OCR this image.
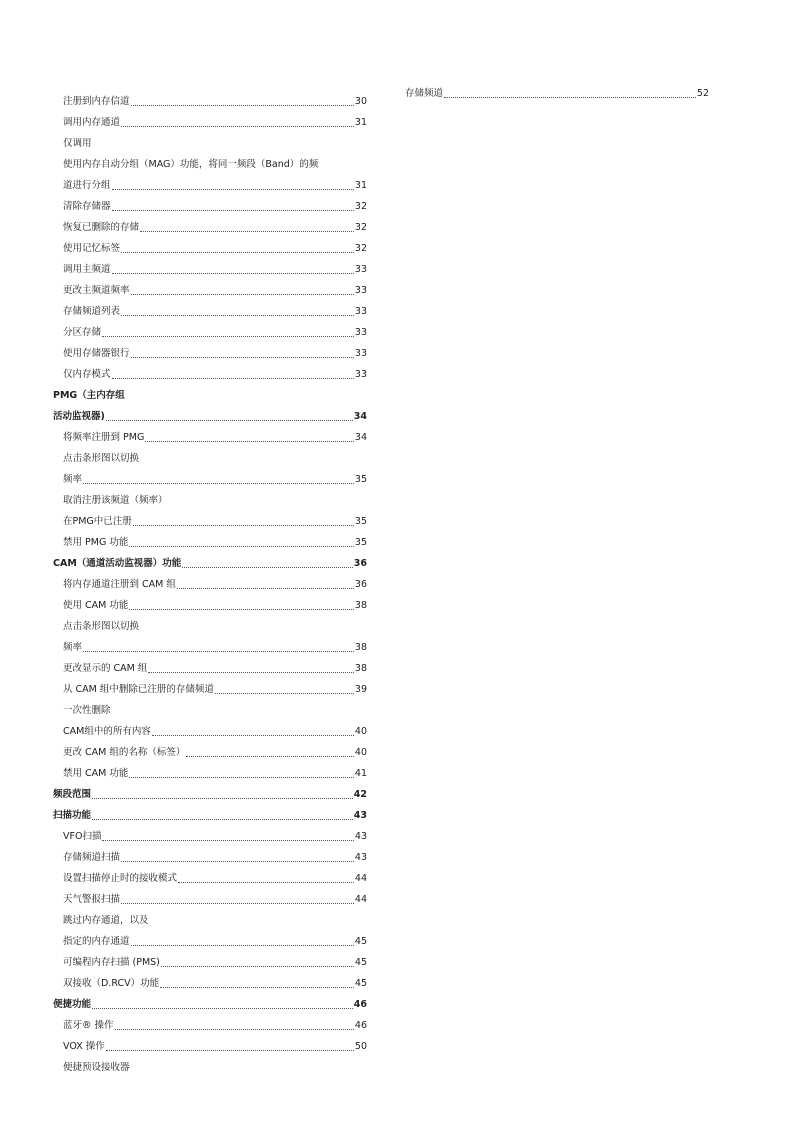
注册到内存信道	30
调用内存通道	31
仅调用
使用内存自动分组（MAG）功能，将同一频段（Band）的频
道进行分组	31
清除存储器	32
恢复已删除的存储	32
使用记忆标签	32
调用主频道	33
更改主频道频率	33
存储频道列表	33
分区存储	33
使用存储器银行	33
仅内存模式	33
PMG（主内存组
活动监视器)	34
将频率注册到 PMG	34
点击条形图以切换
频率	35
取消注册该频道（频率）
在PMG中已注册	35
禁用 PMG 功能	35
CAM（通道活动监视器）功能	36
将内存通道注册到 CAM 组	36
使用 CAM 功能	38
点击条形图以切换
频率	38
更改显示的 CAM 组	38
从 CAM 组中删除已注册的存储频道	39
一次性删除
CAM组中的所有内容	40
更改 CAM 组的名称（标签）	40
禁用 CAM 功能	41
频段范围	42
扫描功能	43
VFO扫描	43
存储频道扫描	43
设置扫描停止时的接收模式	44
天气警报扫描	44
跳过内存通道，以及
指定的内存通道	45
可编程内存扫描 (PMS)	45
双接收（D.RCV）功能	45
便捷功能	46
蓝牙® 操作	46
VOX 操作	50
便捷预设接收器
存储频道	52
